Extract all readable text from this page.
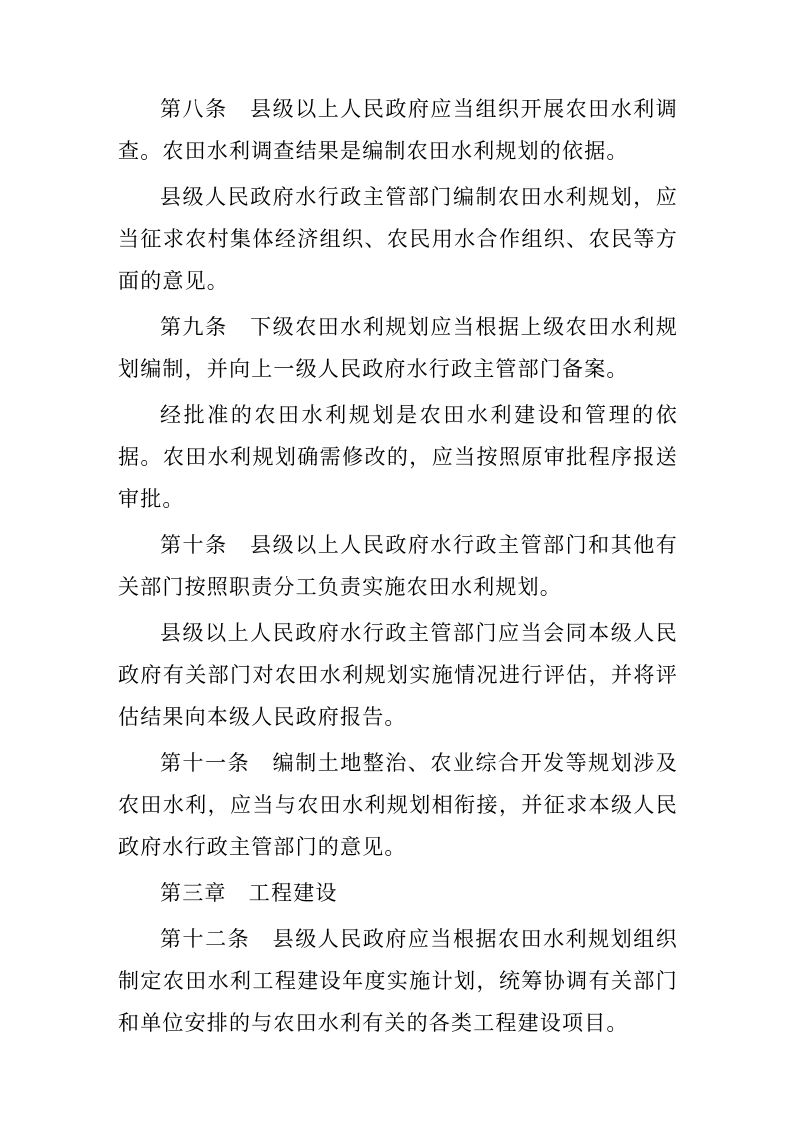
第八条　县级以上人民政府应当组织开展农田水利调查。农田水利调查结果是编制农田水利规划的依据。

县级人民政府水行政主管部门编制农田水利规划，应当征求农村集体经济组织、农民用水合作组织、农民等方面的意见。

第九条　下级农田水利规划应当根据上级农田水利规划编制，并向上一级人民政府水行政主管部门备案。

经批准的农田水利规划是农田水利建设和管理的依据。农田水利规划确需修改的，应当按照原审批程序报送审批。

第十条　县级以上人民政府水行政主管部门和其他有关部门按照职责分工负责实施农田水利规划。

县级以上人民政府水行政主管部门应当会同本级人民政府有关部门对农田水利规划实施情况进行评估，并将评估结果向本级人民政府报告。

第十一条　编制土地整治、农业综合开发等规划涉及农田水利，应当与农田水利规划相衔接，并征求本级人民政府水行政主管部门的意见。

第三章　工程建设

第十二条　县级人民政府应当根据农田水利规划组织制定农田水利工程建设年度实施计划，统筹协调有关部门和单位安排的与农田水利有关的各类工程建设项目。
